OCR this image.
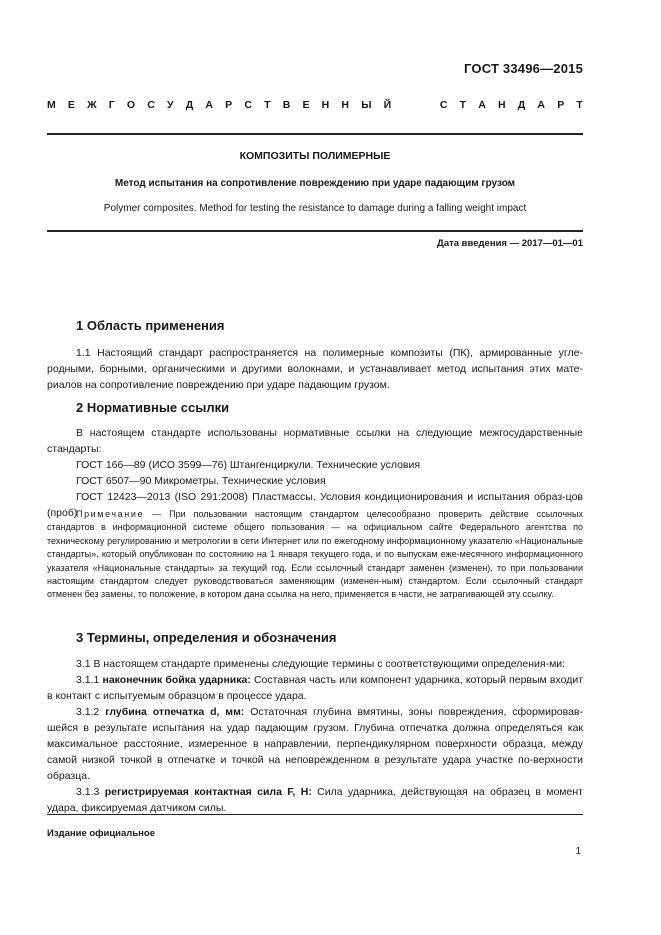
ГОСТ 33496—2015
М Е Ж Г О С У Д А Р С Т В Е Н Н Ы Й	С Т А Н Д А Р Т
КОМПОЗИТЫ ПОЛИМЕРНЫЕ
Метод испытания на сопротивление повреждению при ударе падающим грузом
Polymer composites. Method for testing the resistance to damage during a falling weight impact
Дата введения — 2017—01—01
1 Область применения

1.1 Настоящий стандарт распространяется на полимерные композиты (ПК), армированные угле-родными, борными, органическими и другими волокнами, и устанавливает метод испытания этих мате-риалов на сопротивление повреждению при ударе падающим грузом.

2 Нормативные ссылки

В настоящем стандарте использованы нормативные ссылки на следующие межгосударственные стандарты:

ГОСТ 166—89 (ИСО 3599—76) Штангенциркули. Технические условия

ГОСТ 6507—90 Микрометры. Технические условия

ГОСТ 12423—2013 (ISO 291:2008) Пластмассы. Условия кондиционирования и испытания образ-цов (проб)

Примечание — При пользовании настоящим стандартом целесообразно проверить действие ссылочных стандартов в информационной системе общего пользования — на официальном сайте Федерального агентства по техническому регулированию и метрологии в сети Интернет или по ежегодному информационному указателю «Национальные стандарты», который опубликован по состоянию на 1 января текущего года, и по выпускам еже-месячного информационного указателя «Национальные стандарты» за текущий год. Если ссылочный стандарт заменен (изменен), то при пользовании настоящим стандартом следует руководствоваться заменяющим (изменен-ным) стандартом. Если ссылочный стандарт отменен без замены, то положение, в котором дана ссылка на него, применяется в части, не затрагивающей эту ссылку.

3 Термины, определения и обозначения

3.1 В настоящем стандарте применены следующие термины с соответствующими определения-ми:

3.1.1 наконечник бойка ударника: Составная часть или компонент ударника, который первым входит в контакт с испытуемым образцом в процессе удара.

3.1.2 глубина отпечатка d, мм: Остаточная глубина вмятины, зоны повреждения, сформировав-шейся в результате испытания на удар падающим грузом. Глубина отпечатка должна определяться как максимальное расстояние, измеренное в направлении, перпендикулярном поверхности образца, между самой низкой точкой в отпечатке и точкой на неповрежденном в результате удара участке по-верхности образца.

3.1.3 регистрируемая контактная сила F, Н: Сила ударника, действующая на образец в момент удара, фиксируемая датчиком силы.

Издание официальное
1
